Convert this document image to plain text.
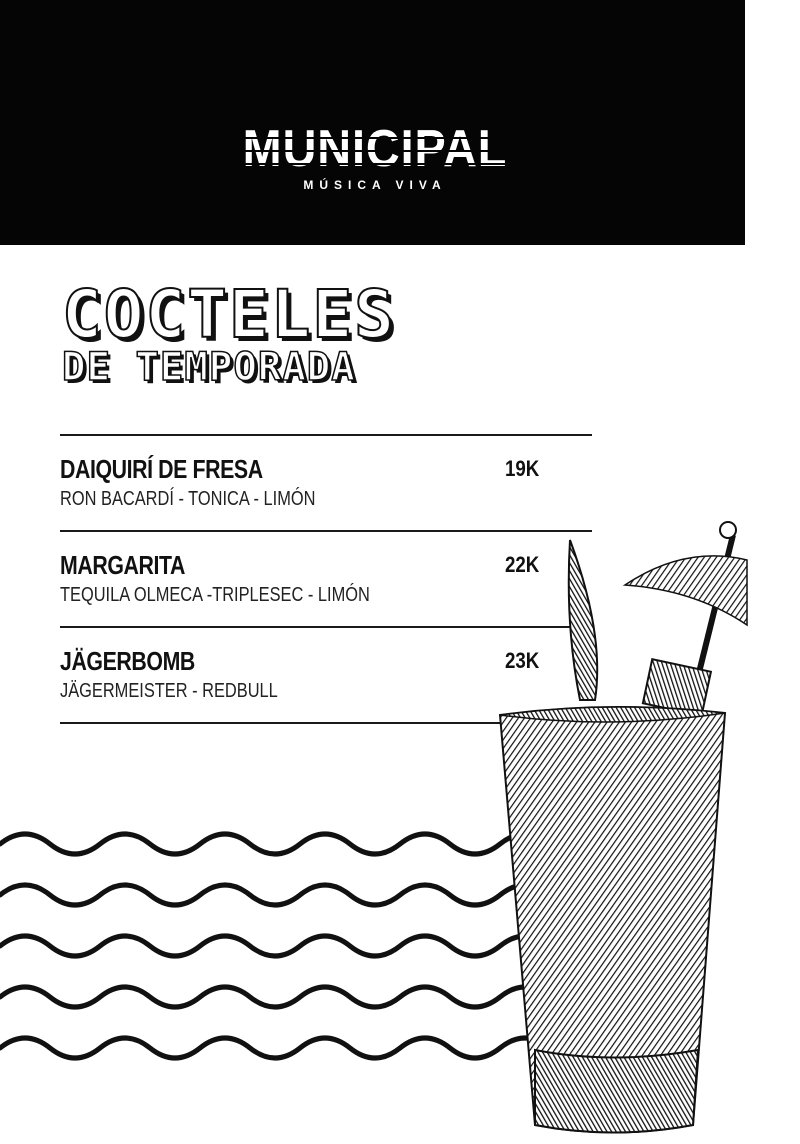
MUNICIPAL
MÚSICA VIVA
COCTELES
DE TEMPORADA

DAIQUIRÍ DE FRESA

RON BACARDÍ - TONICA - LIMÓN

19K

MARGARITA

TEQUILA OLMECA -TRIPLESEC - LIMÓN

22K

JÄGERBOMB

JÄGERMEISTER - REDBULL

23K
